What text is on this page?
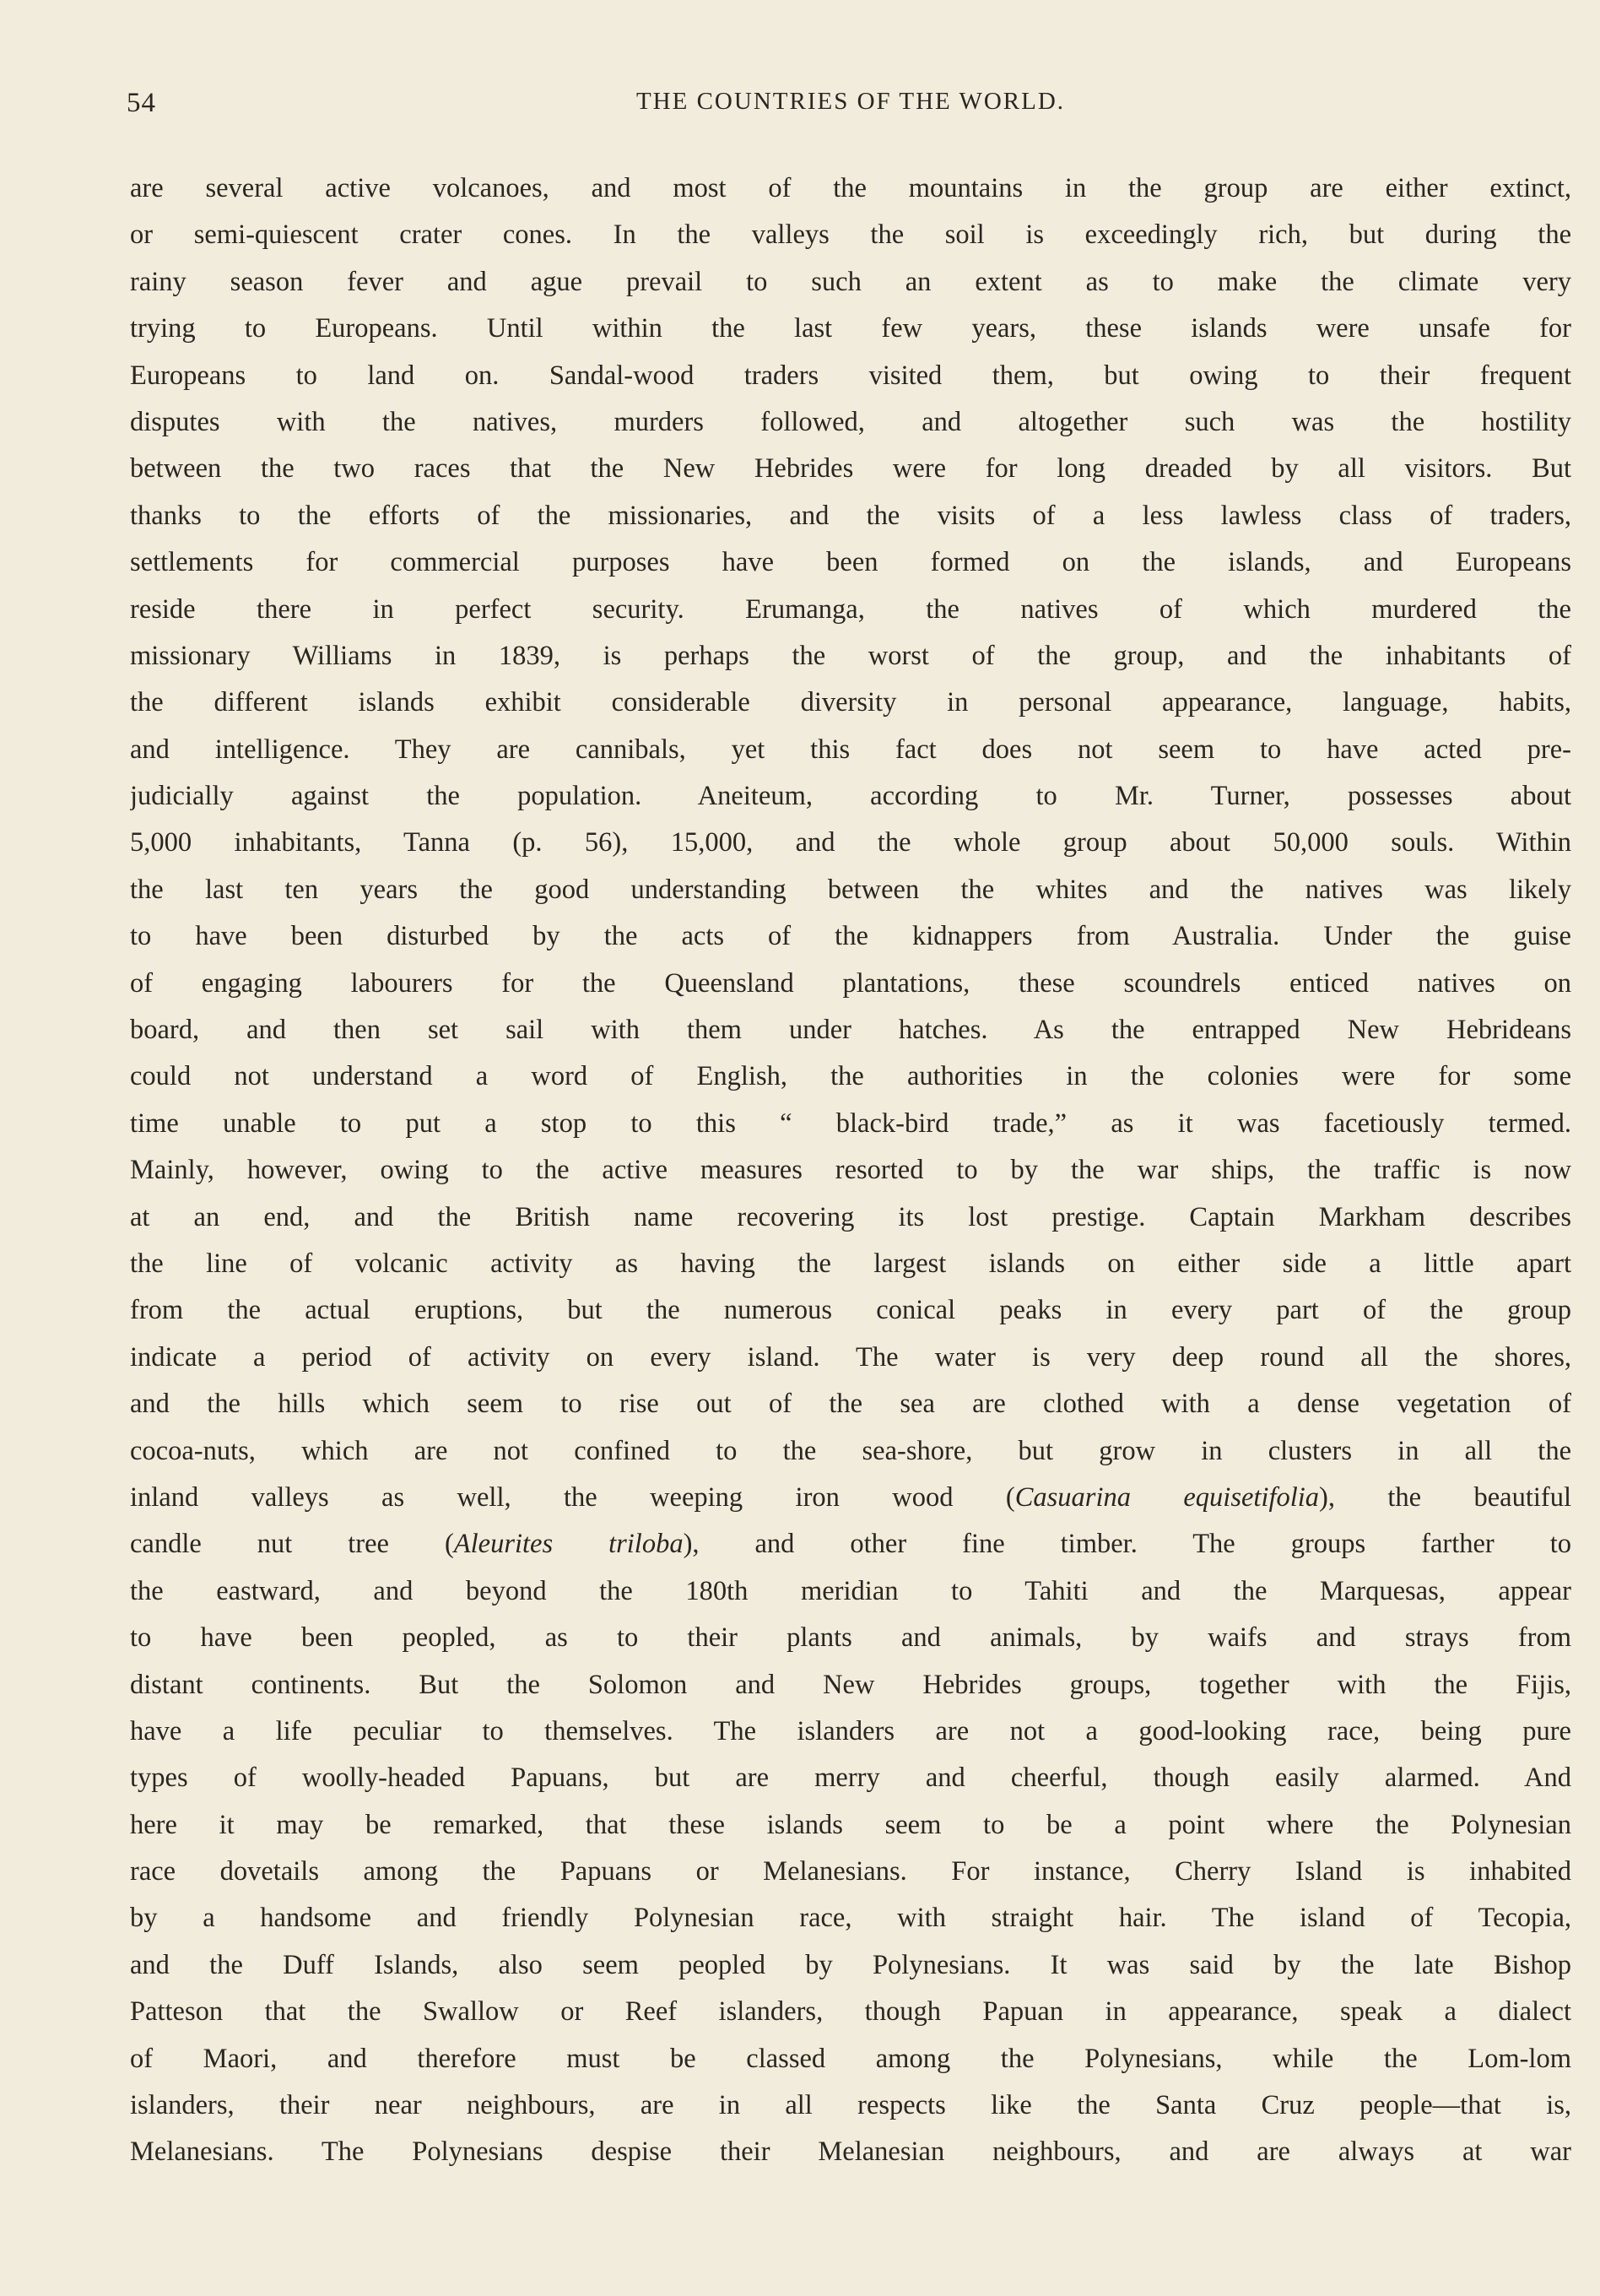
54	THE COUNTRIES OF THE WORLD.
are several active volcanoes, and most of the mountains in the group are either extinct,
or semi-quiescent crater cones. In the valleys the soil is exceedingly rich, but during the
rainy season fever and ague prevail to such an extent as to make the climate very
trying to Europeans. Until within the last few years, these islands were unsafe for
Europeans to land on. Sandal-wood traders visited them, but owing to their frequent
disputes with the natives, murders followed, and altogether such was the hostility
between the two races that the New Hebrides were for long dreaded by all visitors. But
thanks to the efforts of the missionaries, and the visits of a less lawless class of traders,
settlements for commercial purposes have been formed on the islands, and Europeans
reside there in perfect security. Erumanga, the natives of which murdered the
missionary Williams in 1839, is perhaps the worst of the group, and the inhabitants of
the different islands exhibit considerable diversity in personal appearance, language, habits,
and intelligence. They are cannibals, yet this fact does not seem to have acted pre-
judicially against the population. Aneiteum, according to Mr. Turner, possesses about
5,000 inhabitants, Tanna (p. 56), 15,000, and the whole group about 50,000 souls. Within
the last ten years the good understanding between the whites and the natives was likely
to have been disturbed by the acts of the kidnappers from Australia. Under the guise
of engaging labourers for the Queensland plantations, these scoundrels enticed natives on
board, and then set sail with them under hatches. As the entrapped New Hebrideans
could not understand a word of English, the authorities in the colonies were for some
time unable to put a stop to this “ black-bird trade,” as it was facetiously termed.
Mainly, however, owing to the active measures resorted to by the war ships, the traffic is now
at an end, and the British name recovering its lost prestige. Captain Markham describes
the line of volcanic activity as having the largest islands on either side a little apart
from the actual eruptions, but the numerous conical peaks in every part of the group
indicate a period of activity on every island. The water is very deep round all the shores,
and the hills which seem to rise out of the sea are clothed with a dense vegetation of
cocoa-nuts, which are not confined to the sea-shore, but grow in clusters in all the
inland valleys as well, the weeping iron wood (Casuarina equisetifolia), the beautiful
candle nut tree (Aleurites triloba), and other fine timber. The groups farther to
the eastward, and beyond the 180th meridian to Tahiti and the Marquesas, appear
to have been peopled, as to their plants and animals, by waifs and strays from
distant continents. But the Solomon and New Hebrides groups, together with the Fijis,
have a life peculiar to themselves. The islanders are not a good-looking race, being pure
types of woolly-headed Papuans, but are merry and cheerful, though easily alarmed. And
here it may be remarked, that these islands seem to be a point where the Polynesian
race dovetails among the Papuans or Melanesians. For instance, Cherry Island is inhabited
by a handsome and friendly Polynesian race, with straight hair. The island of Tecopia,
and the Duff Islands, also seem peopled by Polynesians. It was said by the late Bishop
Patteson that the Swallow or Reef islanders, though Papuan in appearance, speak a dialect
of Maori, and therefore must be classed among the Polynesians, while the Lom-lom
islanders, their near neighbours, are in all respects like the Santa Cruz people—that is,
Melanesians. The Polynesians despise their Melanesian neighbours, and are always at war
